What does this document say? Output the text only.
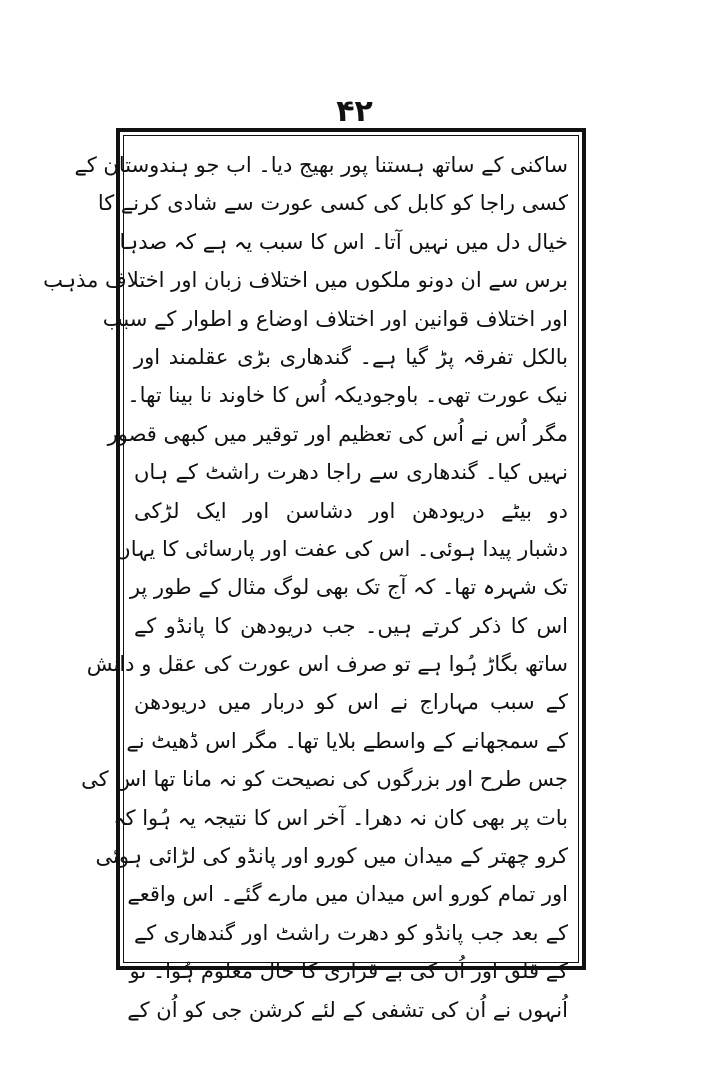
۴۲
ساکنی کے ساتھ ہستنا پور بھیج دیا۔ اب جو ہندوستان کے
کسی راجا کو کابل کی کسی عورت سے شادی کرنے کا
خیال دل میں نہیں آتا۔ اس کا سبب یہ ہے کہ صدہا
برس سے ان دونو ملکوں میں اختلاف زبان اور اختلاف مذہب
اور اختلاف قوانین اور اختلاف اوضاع و اطوار کے سبب
بالکل تفرقہ پڑ گیا ہے۔ گندھاری بڑی عقلمند اور
نیک عورت تھی۔ باوجودیکہ اُس کا خاوند نا بینا تھا۔
مگر اُس نے اُس کی تعظیم اور توقیر میں کبھی قصور
نہیں کیا۔ گندھاری سے راجا دھرت راشٹ کے ہاں
دو بیٹے دریودھن اور دشاسن اور ایک لڑکی
دشبار پیدا ہوئی۔ اس کی عفت اور پارسائی کا یہاں
تک شہرہ تھا۔ کہ آج تک بھی لوگ مثال کے طور پر
اس کا ذکر کرتے ہیں۔ جب دریودھن کا پانڈو کے
ساتھ بگاڑ ہُوا ہے تو صرف اس عورت کی عقل و دانش
کے سبب مہاراج نے اس کو دربار میں دریودھن
کے سمجھانے کے واسطے بلایا تھا۔ مگر اس ڈھیٹ نے
جس طرح اور بزرگوں کی نصیحت کو نہ مانا تھا اس کی
بات پر بھی کان نہ دھرا۔ آخر اس کا نتیجہ یہ ہُوا کہ
کرو چھتر کے میدان میں کورو اور پانڈو کی لڑائی ہوئی
اور تمام کورو اس میدان میں مارے گئے۔ اس واقعے
کے بعد جب پانڈو کو دھرت راشٹ اور گندھاری کے
کے قلق اور اُن کی بے قراری کا حال معلوم ہُوا۔ تو
اُنہوں نے اُن کی تشفی کے لئے کرشن جی کو اُن کے
